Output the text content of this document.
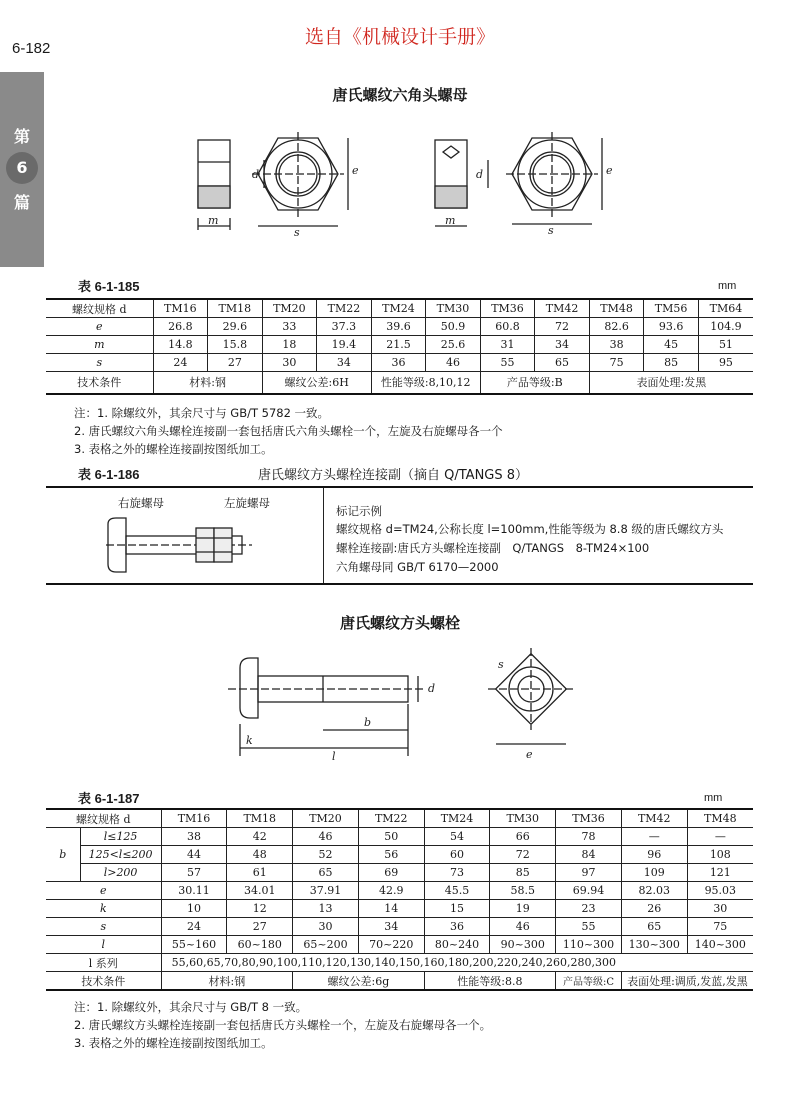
选自《机械设计手册》
6-182
第
6
篇
唐氏螺纹六角头螺母
m
d
s
e
m
d
s
e
表 6-1-185	mm
螺纹规格 d	TM16	TM18	TM20	TM22	TM24	TM30	TM36	TM42	TM48	TM56	TM64
e	26.8	29.6	33	37.3	39.6	50.9	60.8	72	82.6	93.6	104.9
m	14.8	15.8	18	19.4	21.5	25.6	31	34	38	45	51
s	24	27	30	34	36	46	55	65	75	85	95
技术条件	材料:钢		螺纹公差:6H		性能等级:8,10,12		产品等级:B		表面处理:发黑		
注：1. 除螺纹外，其余尺寸与 GB/T 5782 一致。
2. 唐氏螺纹六角头螺栓连接副一套包括唐氏六角头螺栓一个，左旋及右旋螺母各一个
3. 表格之外的螺栓连接副按图纸加工。
表 6-1-186	唐氏螺纹方头螺栓连接副（摘自 Q/TANGS 8）
右旋螺母	左旋螺母
标记示例
螺纹规格 d=TM24,公称长度 l=100mm,性能等级为 8.8 级的唐氏螺纹方头
螺栓连接副:唐氏方头螺栓连接副　Q/TANGS　8-TM24×100
六角螺母同 GB/T 6170—2000
唐氏螺纹方头螺栓
d
b
k
l
s
e
表 6-1-187	mm
螺纹规格 d		TM16	TM18	TM20	TM22	TM24	TM30	TM36	TM42	TM48
b	l≤125	38	42	46	50	54	66	78	—	—
	125<l≤200	44	48	52	56	60	72	84	96	108
	l>200	57	61	65	69	73	85	97	109	121
e		30.11	34.01	37.91	42.9	45.5	58.5	69.94	82.03	95.03
k		10	12	13	14	15	19	23	26	30
s		24	27	30	34	36	46	55	65	75
l		55~160	60~180	65~200	70~220	80~240	90~300	110~300	130~300	140~300
l 系列		55,60,65,70,80,90,100,110,120,130,140,150,160,180,200,220,240,260,280,300								
技术条件		材料:钢		螺纹公差:6g		性能等级:8.8		产品等级:C	表面处理:调质,发蓝,发黑	
注：1. 除螺纹外，其余尺寸与 GB/T 8 一致。
2. 唐氏螺纹方头螺栓连接副一套包括唐氏方头螺栓一个，左旋及右旋螺母各一个。
3. 表格之外的螺栓连接副按图纸加工。
